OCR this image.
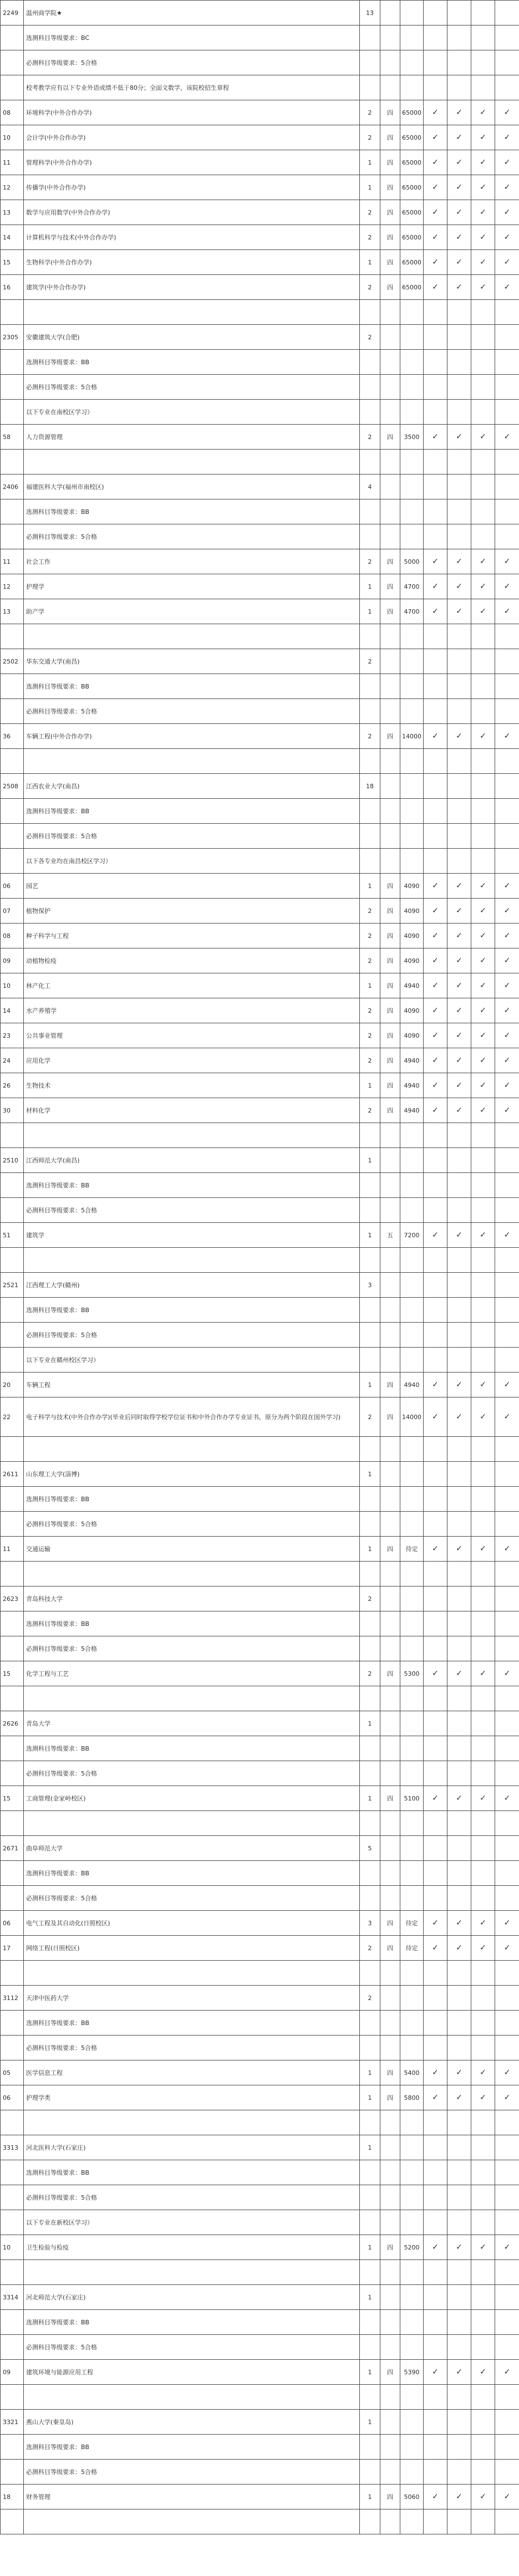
2249	温州商学院★	13						
	选测科目等级要求：BC							
	必测科目等级要求：5合格							
	校考教学应有以下专业外语成绩不低于80分；全面文数学，该院校招生章程							
08	环境科学(中外合作办学)	2	四	65000	✓	✓	✓	✓
10	会计学(中外合作办学)	2	四	65000	✓	✓	✓	✓
11	管理科学(中外合作办学)	1	四	65000	✓	✓	✓	✓
12	传播学(中外合作办学)	1	四	65000	✓	✓	✓	✓
13	数学与应用数学(中外合作办学)	2	四	65000	✓	✓	✓	✓
14	计算机科学与技术(中外合作办学)	2	四	65000	✓	✓	✓	✓
15	生物科学(中外合作办学)	1	四	65000	✓	✓	✓	✓
16	建筑学(中外合作办学)	2	四	65000	✓	✓	✓	✓

2305	安徽建筑大学(合肥)	2						
	选测科目等级要求：BB							
	必测科目等级要求：5合格							
	以下专业在南校区学习）							
58	人力资源管理	2	四	3500	✓	✓	✓	✓

2406	福建医科大学(福州市南校区)	4						
	选测科目等级要求：BB							
	必测科目等级要求：5合格							
11	社会工作	2	四	5000	✓	✓	✓	✓
12	护理学	1	四	4700	✓	✓	✓	✓
13	助产学	1	四	4700	✓	✓	✓	✓

2502	华东交通大学(南昌)	2						
	选测科目等级要求：BB							
	必测科目等级要求：5合格							
36	车辆工程(中外合作办学)	2	四	14000	✓	✓	✓	✓

2508	江西农业大学(南昌)	18						
	选测科目等级要求：BB							
	必测科目等级要求：5合格							
	以下各专业均在南昌校区学习）							
06	园艺	1	四	4090	✓	✓	✓	✓
07	植物保护	2	四	4090	✓	✓	✓	✓
08	种子科学与工程	2	四	4090	✓	✓	✓	✓
09	动植物检疫	2	四	4090	✓	✓	✓	✓
10	林产化工	1	四	4940	✓	✓	✓	✓
14	水产养殖学	2	四	4090	✓	✓	✓	✓
23	公共事业管理	2	四	4090	✓	✓	✓	✓
24	应用化学	2	四	4940	✓	✓	✓	✓
26	生物技术	1	四	4940	✓	✓	✓	✓
30	材料化学	2	四	4940	✓	✓	✓	✓

2510	江西师范大学(南昌)	1						
	选测科目等级要求：BB							
	必测科目等级要求：5合格							
51	建筑学	1	五	7200	✓	✓	✓	✓

2521	江西理工大学(赣州)	3						
	选测科目等级要求：BB							
	必测科目等级要求：5合格							
	以下专业在赣州校区学习）							
20	车辆工程	1	四	4940	✓	✓	✓	✓
22	电子科学与技术(中外合作办学)(毕业后同时取得学校学位证书和中外合作办学专业证书，原分为两个阶段在国外学习)	2	四	14000	✓	✓	✓	✓

2611	山东理工大学(淄博)	1						
	选测科目等级要求：BB							
	必测科目等级要求：5合格							
11	交通运输	1	四	待定	✓	✓	✓	✓

2623	青岛科技大学	2						
	选测科目等级要求：BB							
	必测科目等级要求：5合格							
15	化学工程与工艺	2	四	5300	✓	✓	✓	✓

2626	青岛大学	1						
	选测科目等级要求：BB							
	必测科目等级要求：5合格							
15	工商管理(金家岭校区)	1	四	5100	✓	✓	✓	✓

2671	曲阜师范大学	5						
	选测科目等级要求：BB							
	必测科目等级要求：5合格							
06	电气工程及其自动化(日照校区)	3	四	待定	✓	✓	✓	✓
17	网络工程(日照校区)	2	四	待定	✓	✓	✓	✓

3112	天津中医药大学	2						
	选测科目等级要求：BB							
	必测科目等级要求：5合格							
05	医学信息工程	1	四	5400	✓	✓	✓	✓
06	护理学类	1	四	5800	✓	✓	✓	✓

3313	河北医科大学(石家庄)	1						
	选测科目等级要求：BB							
	必测科目等级要求：5合格							
	以下专业在新校区学习）							
10	卫生检验与检疫	1	四	5200	✓	✓	✓	✓

3314	河北师范大学(石家庄)	1						
	选测科目等级要求：BB							
	必测科目等级要求：5合格							
09	建筑环境与能源应用工程	1	四	5390	✓	✓	✓	✓

3321	燕山大学(秦皇岛)	1						
	选测科目等级要求：BB							
	必测科目等级要求：5合格							
18	财务管理	1	四	5060	✓	✓	✓	✓
